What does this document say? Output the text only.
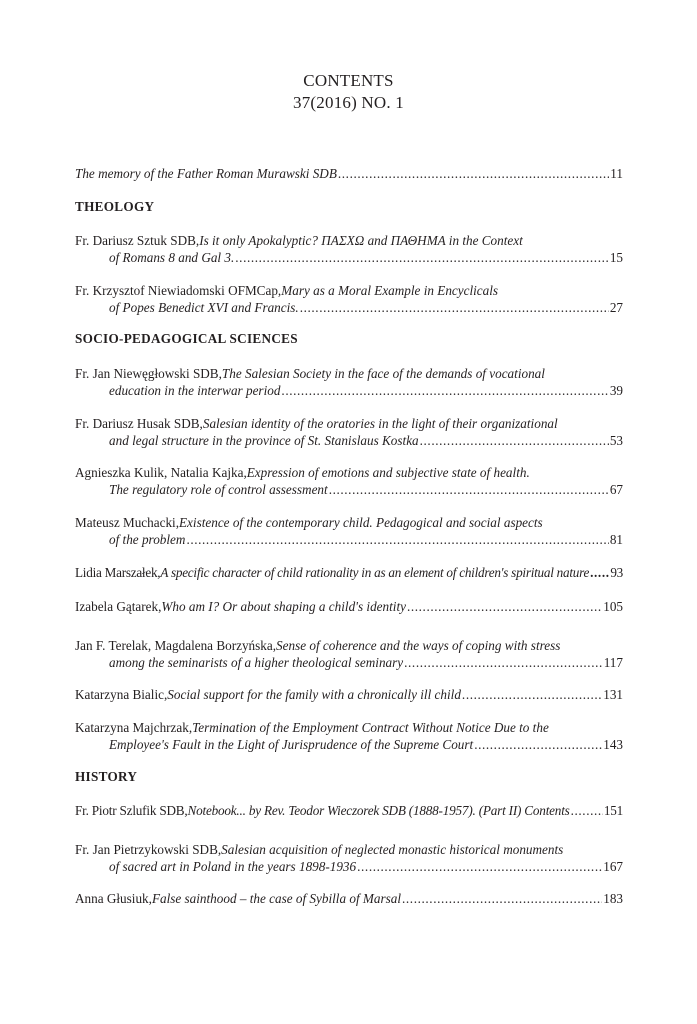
CONTENTS
37(2016) NO. 1
The memory of the Father Roman Murawski SDB .....	11
THEOLOGY
Fr. Dariusz Sztuk SDB, Is it only Apokalyptic? ΠΑΣΧΩ and ΠΑΘΗΜΑ in the Context
of Romans 8 and Gal 3. .....	15
Fr. Krzysztof Niewiadomski OFMCap, Mary as a Moral Example in Encyclicals
of Popes Benedict XVI and Francis. .....	27
SOCIO-PEDAGOGICAL SCIENCES
Fr. Jan Niewęgłowski SDB, The Salesian Society in the face of the demands of vocational
education in the interwar period .....	39
Fr. Dariusz Husak SDB, Salesian identity of the oratories in the light of their organizational
and legal structure in the province of St. Stanislaus Kostka .....	53
Agnieszka Kulik, Natalia Kajka, Expression of emotions and subjective state of health.
The regulatory role of control assessment .....	67
Mateusz Muchacki, Existence of the contemporary child. Pedagogical and social aspects
of the problem .....	81
Lidia Marszałek, A specific character of child rationality in as an element of children's spiritual nature ..... 93
Izabela Gątarek, Who am I? Or about shaping a child's identity .....	105
Jan F. Terelak, Magdalena Borzyńska, Sense of coherence and the ways of coping with stress
among the seminarists of a higher theological seminary .....	117
Katarzyna Bialic, Social support for the family with a chronically ill child .....	131
Katarzyna Majchrzak, Termination of the Employment Contract Without Notice Due to the
Employee's Fault in the Light of Jurisprudence of the Supreme Court .....	143
HISTORY
Fr. Piotr Szlufik SDB, Notebook... by Rev. Teodor Wieczorek SDB (1888-1957). (Part II) Contents .....	151
Fr. Jan Pietrzykowski SDB, Salesian acquisition of neglected monastic historical monuments
of sacred art in Poland in the years 1898-1936 .....	167
Anna Głusiuk, False sainthood – the case of Sybilla of Marsal .....	183
